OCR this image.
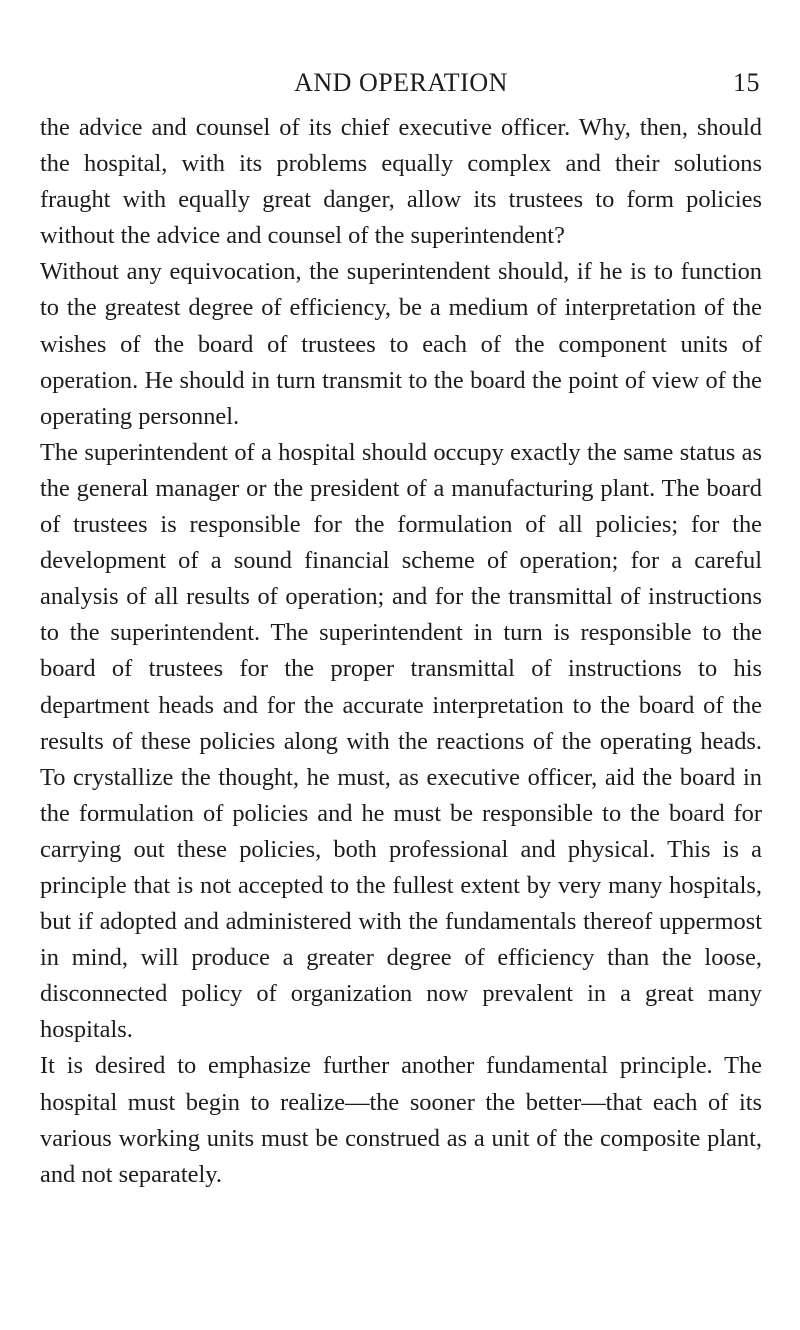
AND OPERATION	15

the advice and counsel of its chief executive officer. Why, then, should the hospital, with its problems equally complex and their solutions fraught with equally great danger, allow its trustees to form policies without the advice and counsel of the superintendent?

Without any equivocation, the superintendent should, if he is to function to the greatest degree of efficiency, be a medium of interpretation of the wishes of the board of trustees to each of the component units of operation. He should in turn transmit to the board the point of view of the operating personnel.

The superintendent of a hospital should occupy exactly the same status as the general manager or the president of a manufacturing plant. The board of trustees is responsible for the formulation of all policies; for the development of a sound financial scheme of operation; for a careful analysis of all results of operation; and for the transmittal of instructions to the superintendent. The superintendent in turn is responsible to the board of trustees for the proper transmittal of instructions to his department heads and for the accurate interpretation to the board of the results of these policies along with the reactions of the operating heads. To crystallize the thought, he must, as executive officer, aid the board in the formulation of policies and he must be responsible to the board for carrying out these policies, both professional and physical. This is a principle that is not accepted to the fullest extent by very many hospitals, but if adopted and administered with the fundamentals thereof uppermost in mind, will produce a greater degree of efficiency than the loose, disconnected policy of organization now prevalent in a great many hospitals.

It is desired to emphasize further another fundamental principle. The hospital must begin to realize—the sooner the better—that each of its various working units must be construed as a unit of the composite plant, and not separately.
